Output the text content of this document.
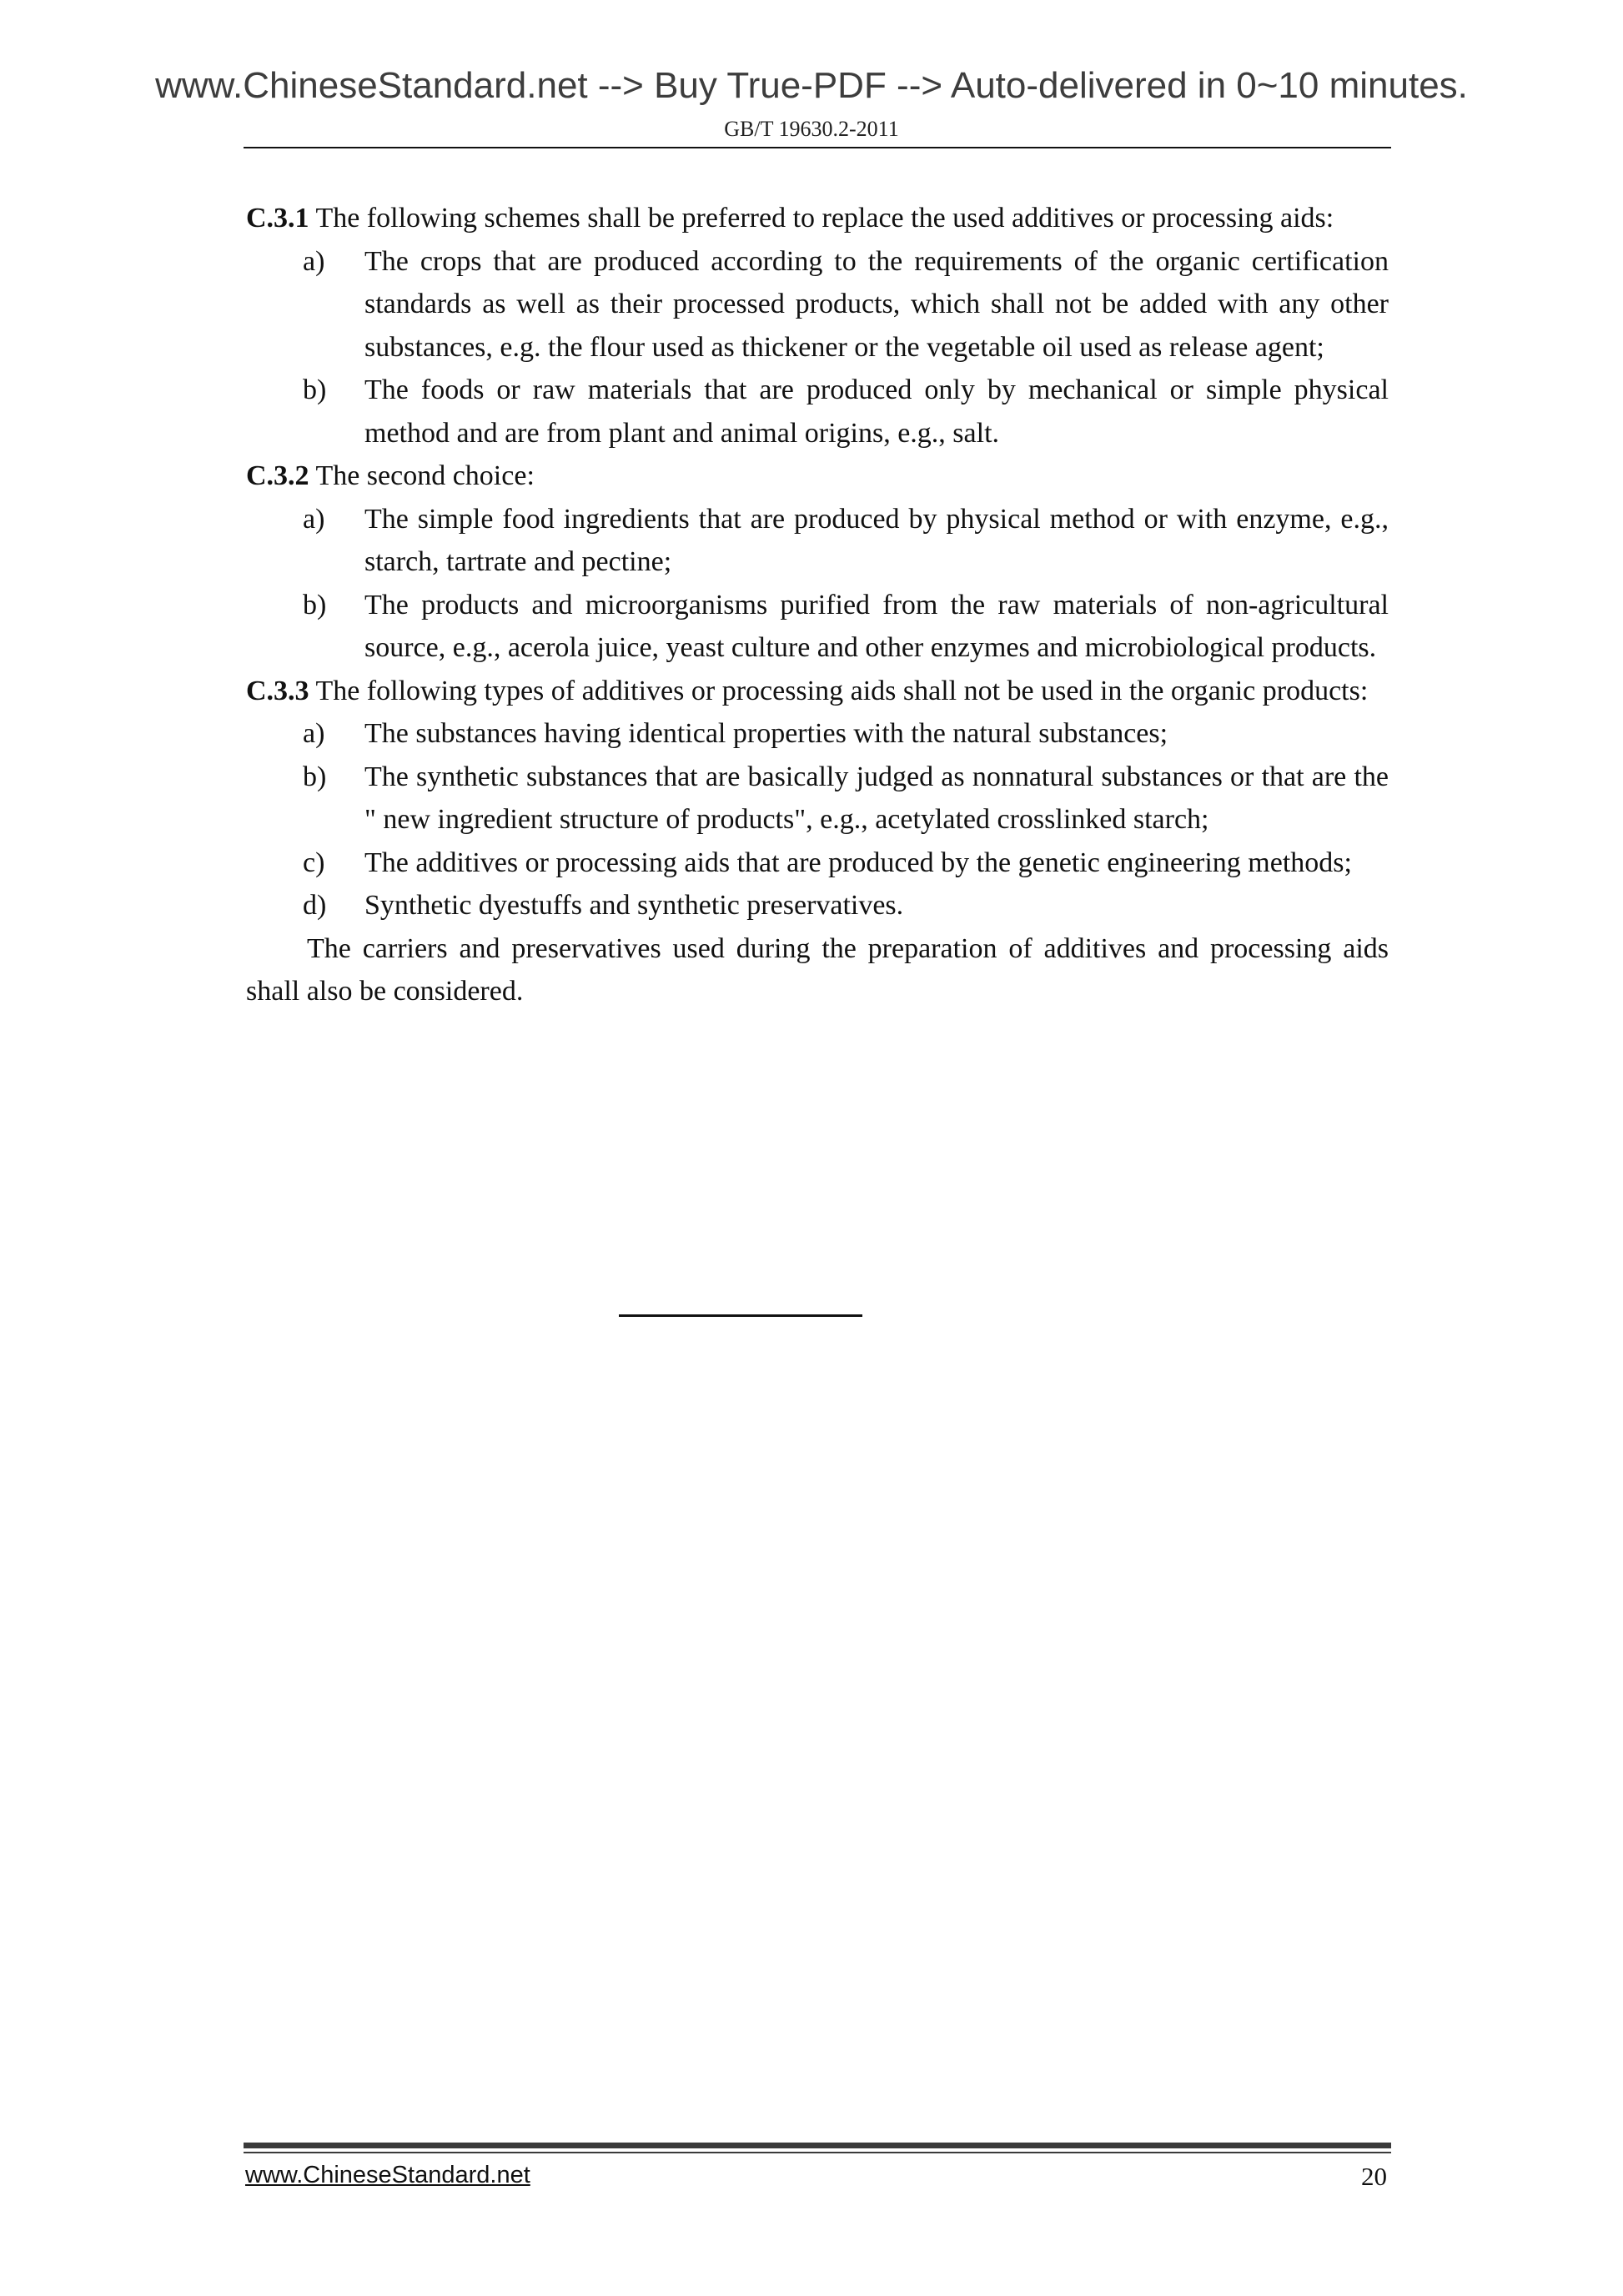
www.ChineseStandard.net --> Buy True-PDF --> Auto-delivered in 0~10 minutes.
GB/T 19630.2-2011

C.3.1 The following schemes shall be preferred to replace the used additives or processing aids:

a) The crops that are produced according to the requirements of the organic certification standards as well as their processed products, which shall not be added with any other substances, e.g. the flour used as thickener or the vegetable oil used as release agent;

b) The foods or raw materials that are produced only by mechanical or simple physical method and are from plant and animal origins, e.g., salt.

C.3.2 The second choice:

a) The simple food ingredients that are produced by physical method or with enzyme, e.g., starch, tartrate and pectine;

b) The products and microorganisms purified from the raw materials of non-agricultural source, e.g., acerola juice, yeast culture and other enzymes and microbiological products.

C.3.3 The following types of additives or processing aids shall not be used in the organic products:

a) The substances having identical properties with the natural substances;

b) The synthetic substances that are basically judged as nonnatural substances or that are the " new ingredient structure of products", e.g., acetylated crosslinked starch;

c) The additives or processing aids that are produced by the genetic engineering methods;

d) Synthetic dyestuffs and synthetic preservatives.

The carriers and preservatives used during the preparation of additives and processing aids shall also be considered.

www.ChineseStandard.net	20
